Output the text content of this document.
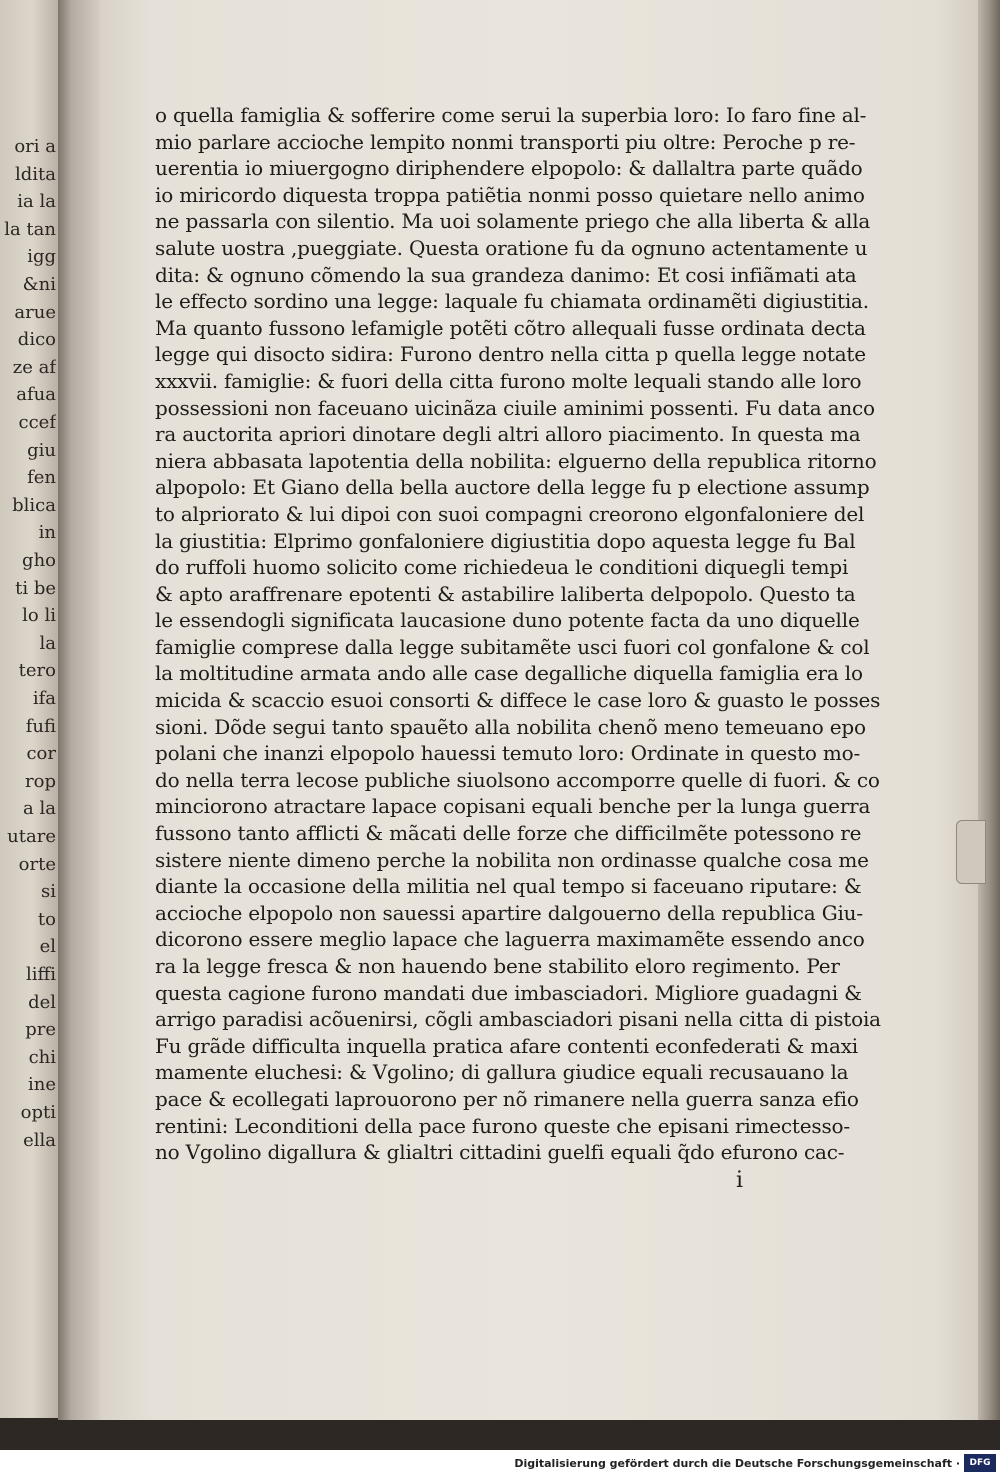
ori a
ldita
ia la
la tan
igg
&ni
arue
dico
ze af
afua
ccef
giu
fen
blica
in
gho
ti be
lo li
la
tero
ifa
fufi
cor
rop
a la
utare
orte
si
to
el
liffi
del
pre
chi
ine
opti
ella
o quella famiglia & sofferire come serui la superbia loro: Io faro fine al-
mio parlare accioche lempito nonmi transporti piu oltre: Peroche p re-
uerentia io miuergogno diriphendere elpopolo: & dallaltra parte quãdo
io miricordo diquesta troppa patiẽtia nonmi posso quietare nello animo
ne passarla con silentio. Ma uoi solamente priego che alla liberta & alla
salute uostra ,pueggiate. Questa oratione fu da ognuno actentamente u
dita: & ognuno cõmendo la sua grandeza danimo: Et cosi infiãmati ata
le effecto sordino una legge: laquale fu chiamata ordinamẽti digiustitia.
Ma quanto fussono lefamigle potẽti cõtro allequali fusse ordinata decta
legge qui disocto sidira: Furono dentro nella citta p quella legge notate
xxxvii. famiglie: & fuori della citta furono molte lequali stando alle loro
possessioni non faceuano uicinãza ciuile aminimi possenti. Fu data anco
ra auctorita apriori dinotare degli altri alloro piacimento. In questa ma
niera abbasata lapotentia della nobilita: elguerno della republica ritorno
alpopolo: Et Giano della bella auctore della legge fu p electione assump
to alpriorato & lui dipoi con suoi compagni creorono elgonfaloniere del
la giustitia: Elprimo gonfaloniere digiustitia dopo aquesta legge fu Bal
do ruffoli huomo solicito come richiedeua le conditioni diquegli tempi
& apto araffrenare epotenti & astabilire laliberta delpopolo. Questo ta
le essendogli significata laucasione duno potente facta da uno diquelle
famiglie comprese dalla legge subitamẽte usci fuori col gonfalone & col
la moltitudine armata ando alle case degalliche diquella famiglia era lo
micida & scaccio esuoi consorti & diffece le case loro & guasto le posses
sioni. Dõde segui tanto spauẽto alla nobilita chenõ meno temeuano epo
polani che inanzi elpopolo hauessi temuto loro: Ordinate in questo mo-
do nella terra lecose publiche siuolsono accomporre quelle di fuori. & co
minciorono atractare lapace copisani equali benche per la lunga guerra
fussono tanto afflicti & mãcati delle forze che difficilmẽte potessono re
sistere niente dimeno perche la nobilita non ordinasse qualche cosa me
diante la occasione della militia nel qual tempo si faceuano riputare: &
accioche elpopolo non sauessi apartire dalgouerno della republica Giu-
dicorono essere meglio lapace che laguerra maximamẽte essendo anco
ra la legge fresca & non hauendo bene stabilito eloro regimento. Per
questa cagione furono mandati due imbasciadori. Migliore guadagni &
arrigo paradisi acõuenirsi, cõgli ambasciadori pisani nella citta di pistoia
Fu grãde difficulta inquella pratica afare contenti econfederati & maxi
mamente eluchesi: & Vgolino; di gallura giudice equali recusauano la
pace & ecollegati laprouorono per nõ rimanere nella guerra sanza efio
rentini: Leconditioni della pace furono queste che episani rimectesso-
no Vgolino digallura & glialtri cittadini guelfi equali q̃do efurono cac-
i
Digitalisierung gefördert durch die Deutsche Forschungsgemeinschaft ·	DFG
